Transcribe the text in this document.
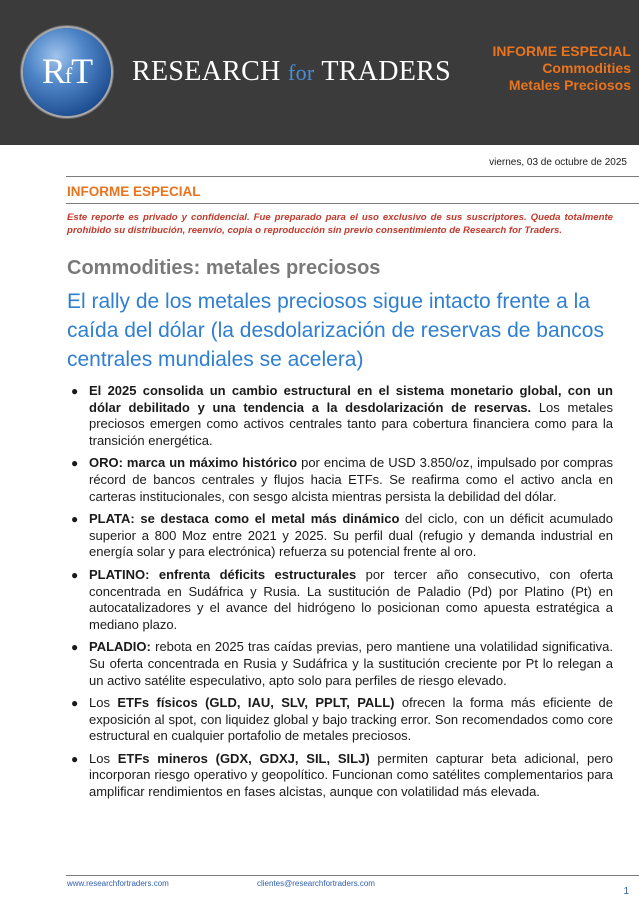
RfT	RESEARCH for TRADERS
INFORME ESPECIAL
Commodities
Metales Preciosos
viernes, 03 de octubre de 2025
INFORME ESPECIAL
Este reporte es privado y confidencial. Fue preparado para el uso exclusivo de sus suscriptores. Queda totalmente prohibido su distribución, reenvío, copia o reproducción sin previo consentimiento de Research for Traders.
Commodities: metales preciosos
El rally de los metales preciosos sigue intacto frente a la caída del dólar (la desdolarización de reservas de bancos centrales mundiales se acelera)
● El 2025 consolida un cambio estructural en el sistema monetario global, con un dólar debilitado y una tendencia a la desdolarización de reservas. Los metales preciosos emergen como activos centrales tanto para cobertura financiera como para la transición energética.
● ORO: marca un máximo histórico por encima de USD 3.850/oz, impulsado por compras récord de bancos centrales y flujos hacia ETFs. Se reafirma como el activo ancla en carteras institucionales, con sesgo alcista mientras persista la debilidad del dólar.
● PLATA: se destaca como el metal más dinámico del ciclo, con un déficit acumulado superior a 800 Moz entre 2021 y 2025. Su perfil dual (refugio y demanda industrial en energía solar y para electrónica) refuerza su potencial frente al oro.
● PLATINO: enfrenta déficits estructurales por tercer año consecutivo, con oferta concentrada en Sudáfrica y Rusia. La sustitución de Paladio (Pd) por Platino (Pt) en autocatalizadores y el avance del hidrógeno lo posicionan como apuesta estratégica a mediano plazo.
● PALADIO: rebota en 2025 tras caídas previas, pero mantiene una volatilidad significativa. Su oferta concentrada en Rusia y Sudáfrica y la sustitución creciente por Pt lo relegan a un activo satélite especulativo, apto solo para perfiles de riesgo elevado.
● Los ETFs físicos (GLD, IAU, SLV, PPLT, PALL) ofrecen la forma más eficiente de exposición al spot, con liquidez global y bajo tracking error. Son recomendados como core estructural en cualquier portafolio de metales preciosos.
● Los ETFs mineros (GDX, GDXJ, SIL, SILJ) permiten capturar beta adicional, pero incorporan riesgo operativo y geopolítico. Funcionan como satélites complementarios para amplificar rendimientos en fases alcistas, aunque con volatilidad más elevada.
www.researchfortraders.com	clientes@researchfortraders.com
1
